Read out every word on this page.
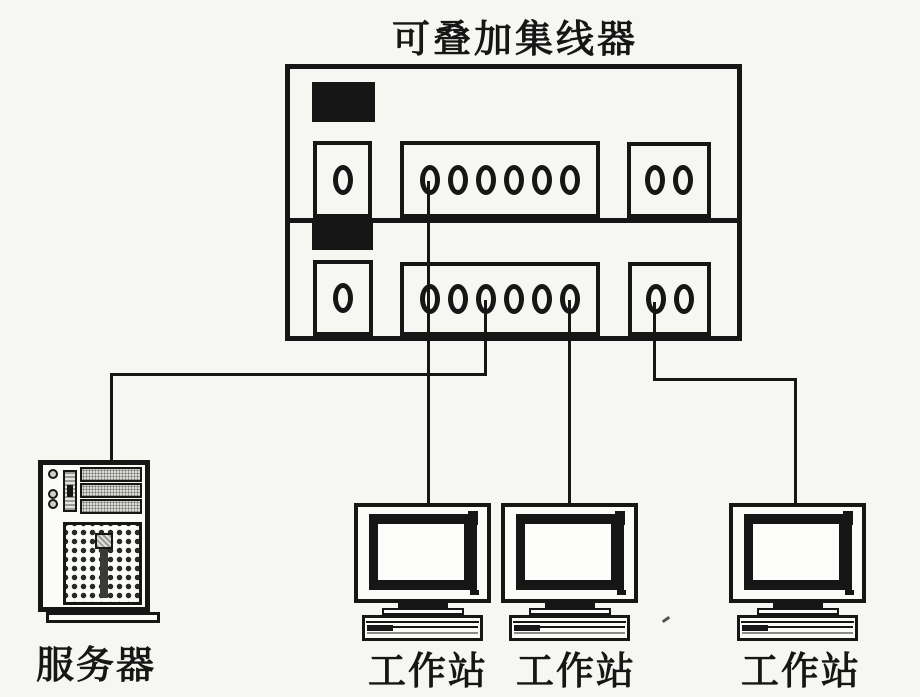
可叠加集线器
服务器	工作站 工作站	工作站
